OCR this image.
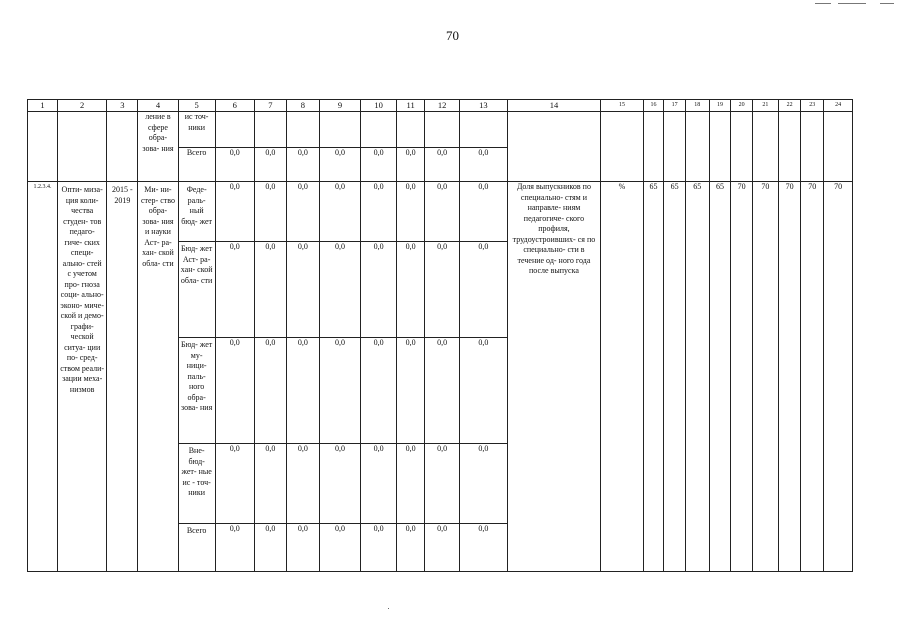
70
1	2	3	4	5	6	7	8	9	10	11	12	13	14	15	16	17	18	19	20	21	22	23	24
			ление в сфере обра- зова- ния	ис точ- ники																			
				Всего	0,0	0,0	0,0	0,0	0,0	0,0	0,0	0,0											
1.2.3.4.	Опти- миза- ция коли- чества студен- тов педаго- гиче- ских специ- ально- стей с учетом про- гноза соци- ально- эконо- миче- ской и демо- графи- ческой ситуа- ции по- сред- ством реали- зации меха- низмов	2015 - 2019	Ми- ни- стер- ство обра- зова- ния и науки Аст- ра- хан- ской обла- сти	Феде- раль- ный бюд- жет	0,0	0,0	0,0	0,0	0,0	0,0	0,0	0,0	Доля выпускников по специально- стям и направле- ниям педагогиче- ского профиля, трудоустроивших- ся по специально- сти в течение од- ного года после выпуска	%	65	65	65	65	70	70	70	70	70
				Бюд- жет Аст- ра- хан- ской обла- сти	0,0	0,0	0,0	0,0	0,0	0,0	0,0	0,0											
				Бюд- жет му- ници- паль- ного обра- зова- ния	0,0	0,0	0,0	0,0	0,0	0,0	0,0	0,0											
				Вне- бюд- жет- ные ис - точ- ники	0,0	0,0	0,0	0,0	0,0	0,0	0,0	0,0											
				Всего	0,0	0,0	0,0	0,0	0,0	0,0	0,0	0,0											
